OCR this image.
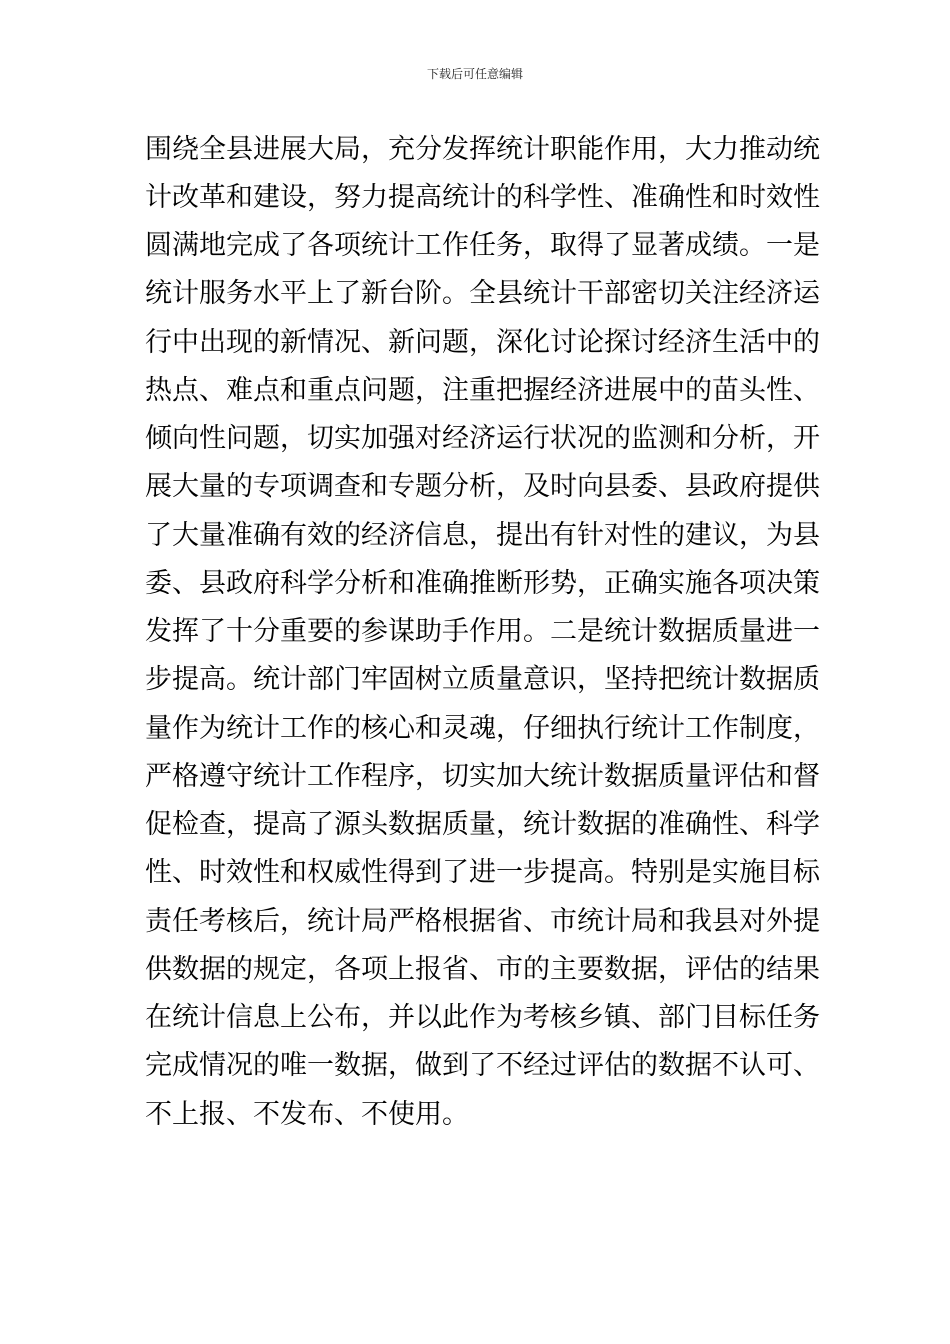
下载后可任意编辑
围绕全县进展大局，充分发挥统计职能作用，大力推动统
计改革和建设，努力提高统计的科学性、准确性和时效性
圆满地完成了各项统计工作任务，取得了显著成绩。一是
统计服务水平上了新台阶。全县统计干部密切关注经济运
行中出现的新情况、新问题，深化讨论探讨经济生活中的
热点、难点和重点问题，注重把握经济进展中的苗头性、
倾向性问题，切实加强对经济运行状况的监测和分析，开
展大量的专项调查和专题分析，及时向县委、县政府提供
了大量准确有效的经济信息，提出有针对性的建议，为县
委、县政府科学分析和准确推断形势，正确实施各项决策
发挥了十分重要的参谋助手作用。二是统计数据质量进一
步提高。统计部门牢固树立质量意识，坚持把统计数据质
量作为统计工作的核心和灵魂，仔细执行统计工作制度，
严格遵守统计工作程序，切实加大统计数据质量评估和督
促检查，提高了源头数据质量，统计数据的准确性、科学
性、时效性和权威性得到了进一步提高。特别是实施目标
责任考核后，统计局严格根据省、市统计局和我县对外提
供数据的规定，各项上报省、市的主要数据，评估的结果
在统计信息上公布，并以此作为考核乡镇、部门目标任务
完成情况的唯一数据，做到了不经过评估的数据不认可、
不上报、不发布、不使用。
